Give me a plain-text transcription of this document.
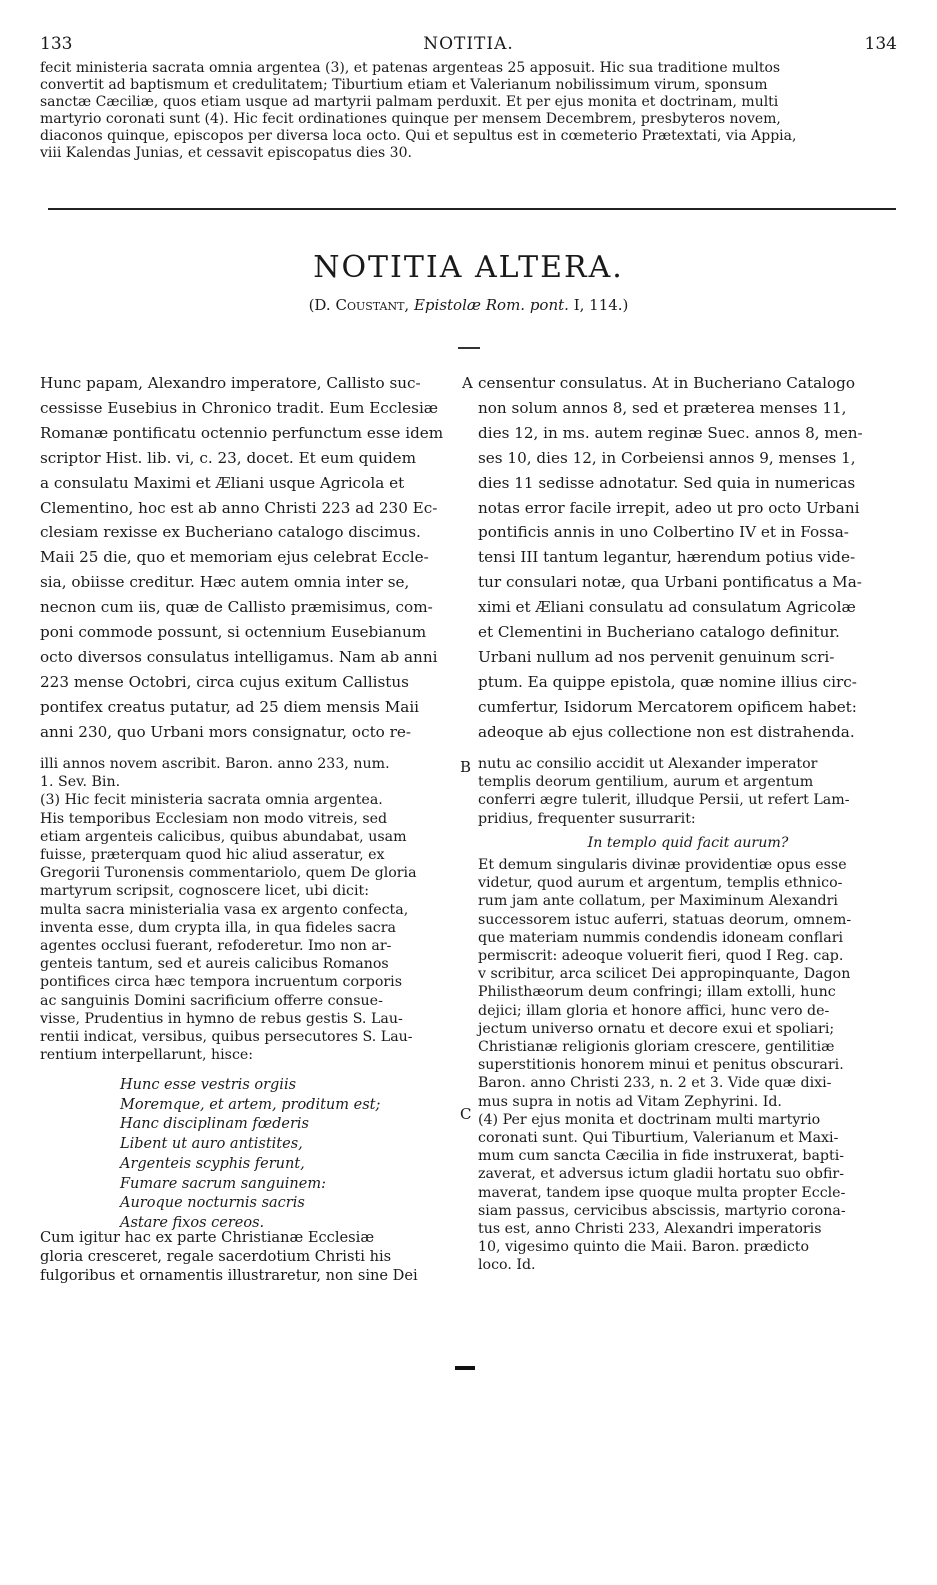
133	NOTITIA.	134
fecit ministeria sacrata omnia argentea (3), et patenas argenteas 25 apposuit. Hic sua traditione multos
convertit ad baptismum et credulitatem; Tiburtium etiam et Valerianum nobilissimum virum, sponsum
sanctæ Cæciliæ, quos etiam usque ad martyrii palmam perduxit. Et per ejus monita et doctrinam, multi
martyrio coronati sunt (4). Hic fecit ordinationes quinque per mensem Decembrem, presbyteros novem,
diaconos quinque, episcopos per diversa loca octo. Qui et sepultus est in cœmeterio Prætextati, via Appia,
viii Kalendas Junias, et cessavit episcopatus dies 30.
NOTITIA ALTERA.
(D. Coustant, Epistolæ Rom. pont. I, 114.)
Hunc papam, Alexandro imperatore, Callisto suc-
cessisse Eusebius in Chronico tradit. Eum Ecclesiæ
Romanæ pontificatu octennio perfunctum esse idem
scriptor Hist. lib. vi, c. 23, docet. Et eum quidem
a consulatu Maximi et Æliani usque Agricola et
Clementino, hoc est ab anno Christi 223 ad 230 Ec-
clesiam rexisse ex Bucheriano catalogo discimus.
Maii 25 die, quo et memoriam ejus celebrat Eccle-
sia, obiisse creditur. Hæc autem omnia inter se,
necnon cum iis, quæ de Callisto præmisimus, com-
poni commode possunt, si octennium Eusebianum
octo diversos consulatus intelligamus. Nam ab anni
223 mense Octobri, circa cujus exitum Callistus
pontifex creatus putatur, ad 25 diem mensis Maii
anni 230, quo Urbani mors consignatur, octo re-
A censentur consulatus. At in Bucheriano Catalogo
non solum annos 8, sed et præterea menses 11,
dies 12, in ms. autem reginæ Suec. annos 8, men-
ses 10, dies 12, in Corbeiensi annos 9, menses 1,
dies 11 sedisse adnotatur. Sed quia in numericas
notas error facile irrepit, adeo ut pro octo Urbani
pontificis annis in uno Colbertino IV et in Fossa-
tensi III tantum legantur, hærendum potius vide-
tur consulari notæ, qua Urbani pontificatus a Ma-
ximi et Æliani consulatu ad consulatum Agricolæ
et Clementini in Bucheriano catalogo definitur.
Urbani nullum ad nos pervenit genuinum scri-
ptum. Ea quippe epistola, quæ nomine illius circ-
cumfertur, Isidorum Mercatorem opificem habet:
adeoque ab ejus collectione non est distrahenda.
illi annos novem ascribit. Baron. anno 233, num.
1. Sev. Bin.
(3) Hic fecit ministeria sacrata omnia argentea.
His temporibus Ecclesiam non modo vitreis, sed
etiam argenteis calicibus, quibus abundabat, usam
fuisse, præterquam quod hic aliud asseratur, ex
Gregorii Turonensis commentariolo, quem De gloria
martyrum scripsit, cognoscere licet, ubi dicit:
multa sacra ministerialia vasa ex argento confecta,
inventa esse, dum crypta illa, in qua fideles sacra
agentes occlusi fuerant, refoderetur. Imo non ar-
genteis tantum, sed et aureis calicibus Romanos
pontifices circa hæc tempora incruentum corporis
ac sanguinis Domini sacrificium offerre consue-
visse, Prudentius in hymno de rebus gestis S. Lau-
rentii indicat, versibus, quibus persecutores S. Lau-
rentium interpellarunt, hisce:
Hunc esse vestris orgiis
Moremque, et artem, proditum est;
Hanc disciplinam fœderis
Libent ut auro antistites,
Argenteis scyphis ferunt,
Fumare sacrum sanguinem:
Auroque nocturnis sacris
Astare fixos cereos.
Cum igitur hac ex parte Christianæ Ecclesiæ
gloria cresceret, regale sacerdotium Christi his
fulgoribus et ornamentis illustraretur, non sine Dei
B
C
nutu ac consilio accidit ut Alexander imperator
templis deorum gentilium, aurum et argentum
conferri ægre tulerit, illudque Persii, ut refert Lam-
pridius, frequenter susurrarit:
In templo quid facit aurum?
Et demum singularis divinæ providentiæ opus esse
videtur, quod aurum et argentum, templis ethnico-
rum jam ante collatum, per Maximinum Alexandri
successorem istuc auferri, statuas deorum, omnem-
que materiam nummis condendis idoneam conflari
permiscrit: adeoque voluerit fieri, quod I Reg. cap.
v scribitur, arca scilicet Dei appropinquante, Dagon
Philisthæorum deum confringi; illam extolli, hunc
dejici; illam gloria et honore affici, hunc vero de-
jectum universo ornatu et decore exui et spoliari;
Christianæ religionis gloriam crescere, gentilitiæ
superstitionis honorem minui et penitus obscurari.
Baron. anno Christi 233, n. 2 et 3. Vide quæ dixi-
mus supra in notis ad Vitam Zephyrini. Id.
(4) Per ejus monita et doctrinam multi martyrio
coronati sunt. Qui Tiburtium, Valerianum et Maxi-
mum cum sancta Cæcilia in fide instruxerat, bapti-
zaverat, et adversus ictum gladii hortatu suo obfir-
maverat, tandem ipse quoque multa propter Eccle-
siam passus, cervicibus abscissis, martyrio corona-
tus est, anno Christi 233, Alexandri imperatoris
10, vigesimo quinto die Maii. Baron. prædicto
loco. Id.
